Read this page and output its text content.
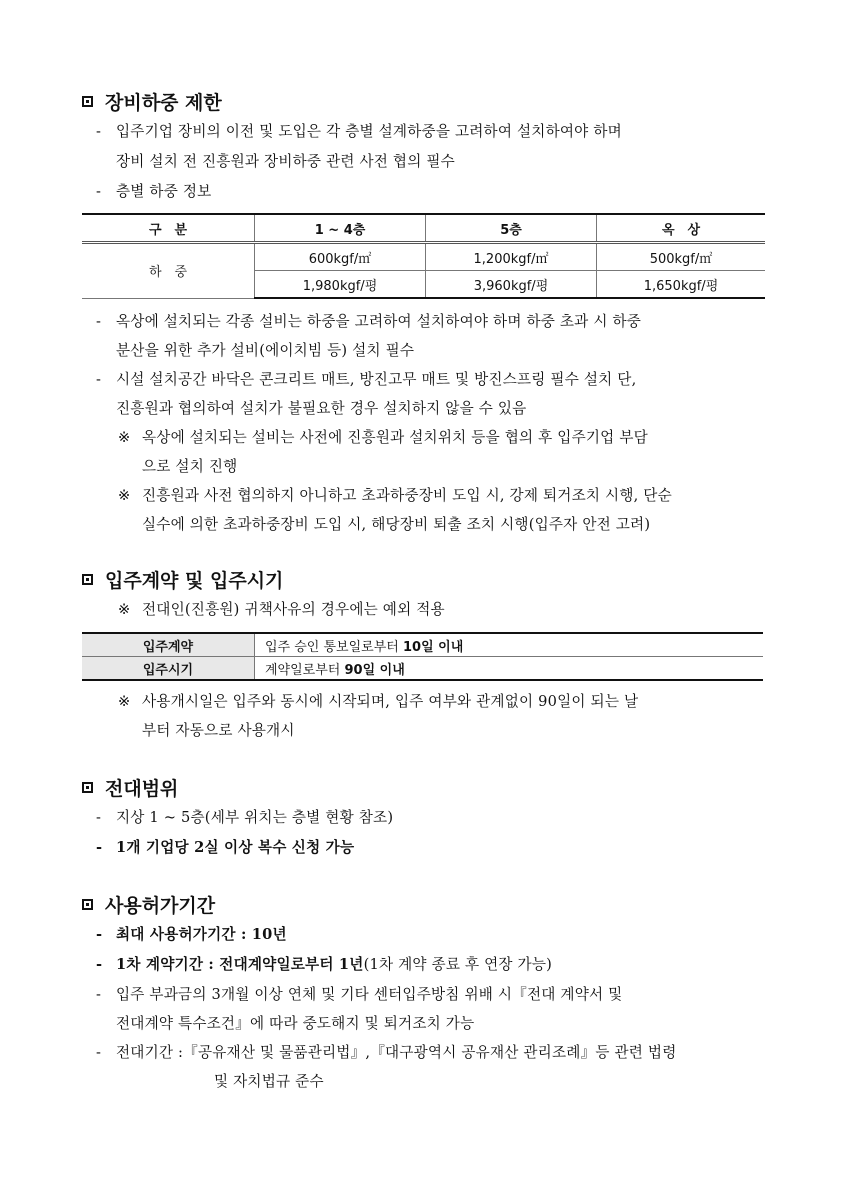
장비하중 제한
- 입주기업 장비의 이전 및 도입은 각 층별 설계하중을 고려하여 설치하여야 하며
장비 설치 전 진흥원과 장비하중 관련 사전 협의 필수
- 층별 하중 정보
구　분	1 ~ 4층	5층	옥　상
하　중	600kgf/㎡	1,200kgf/㎡	500kgf/㎡
	1,980kgf/평	3,960kgf/평	1,650kgf/평
- 옥상에 설치되는 각종 설비는 하중을 고려하여 설치하여야 하며 하중 초과 시 하중
분산을 위한 추가 설비(에이치빔 등) 설치 필수
- 시설 설치공간 바닥은 콘크리트 매트, 방진고무 매트 및 방진스프링 필수 설치 단,
진흥원과 협의하여 설치가 불필요한 경우 설치하지 않을 수 있음
※ 옥상에 설치되는 설비는 사전에 진흥원과 설치위치 등을 협의 후 입주기업 부담
으로 설치 진행
※ 진흥원과 사전 협의하지 아니하고 초과하중장비 도입 시, 강제 퇴거조치 시행, 단순
실수에 의한 초과하중장비 도입 시, 해당장비 퇴출 조치 시행(입주자 안전 고려)
입주계약 및 입주시기
※ 전대인(진흥원) 귀책사유의 경우에는 예외 적용
입주계약	입주 승인 통보일로부터 10일 이내
입주시기	계약일로부터 90일 이내
※ 사용개시일은 입주와 동시에 시작되며, 입주 여부와 관계없이 90일이 되는 날
부터 자동으로 사용개시
전대범위
- 지상 1 ~ 5층(세부 위치는 층별 현황 참조)
- 1개 기업당 2실 이상 복수 신청 가능
사용허가기간
- 최대 사용허가기간 : 10년
- 1차 계약기간 : 전대계약일로부터 1년(1차 계약 종료 후 연장 가능)
- 입주 부과금의 3개월 이상 연체 및 기타 센터입주방침 위배 시『전대 계약서 및
전대계약 특수조건』에 따라 중도해지 및 퇴거조치 가능
- 전대기간 :『공유재산 및 물품관리법』,『대구광역시 공유재산 관리조례』등 관련 법령
및 자치법규 준수
